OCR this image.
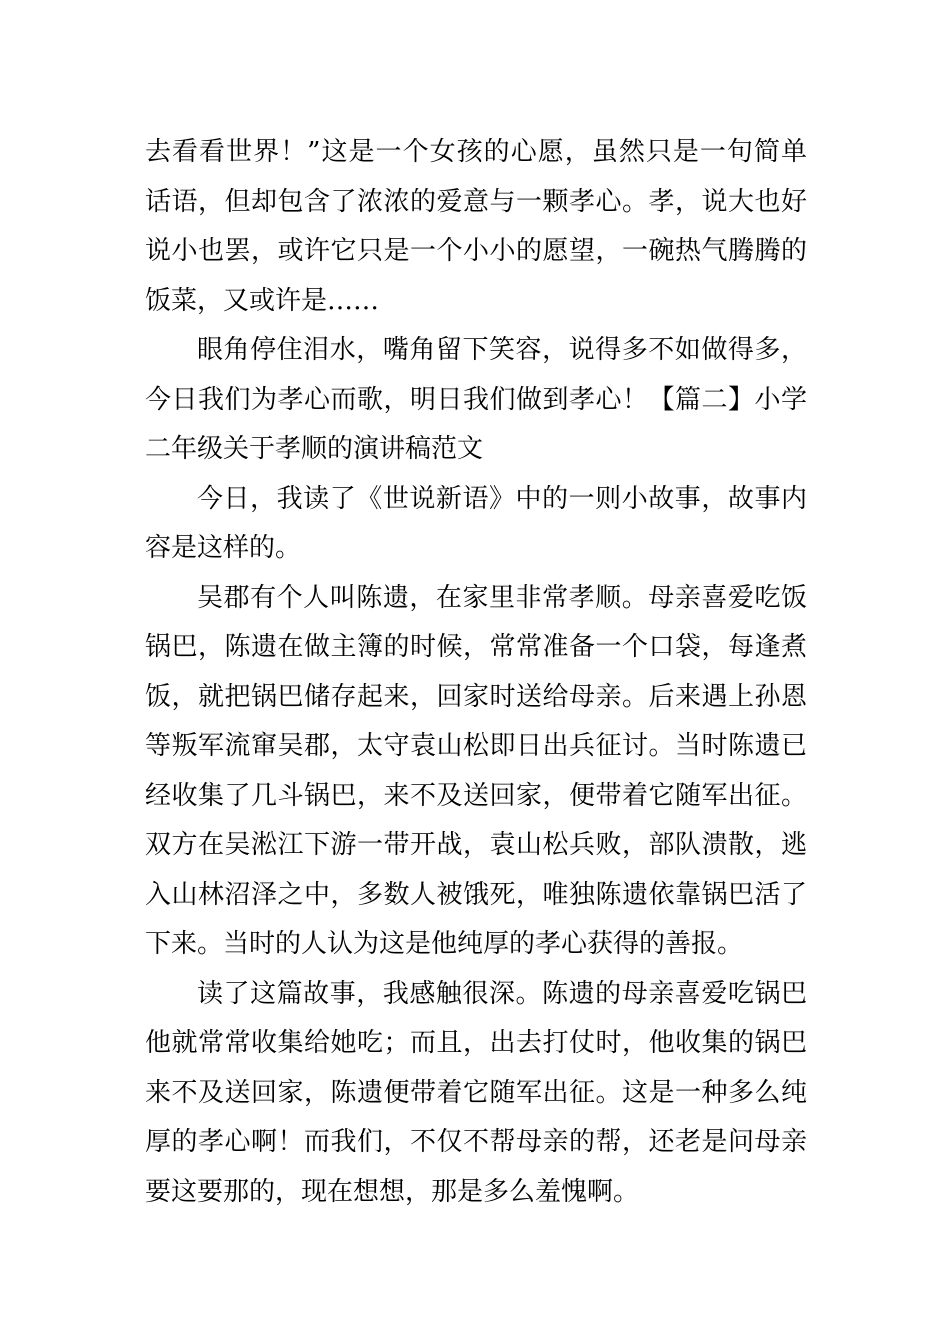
去看看世界！”这是一个女孩的心愿，虽然只是一句简单话语，但却包含了浓浓的爱意与一颗孝心。孝，说大也好说小也罢，或许它只是一个小小的愿望，一碗热气腾腾的饭菜，又或许是……

眼角停住泪水，嘴角留下笑容，说得多不如做得多，今日我们为孝心而歌，明日我们做到孝心！【篇二】小学二年级关于孝顺的演讲稿范文

今日，我读了《世说新语》中的一则小故事，故事内容是这样的。

吴郡有个人叫陈遗，在家里非常孝顺。母亲喜爱吃饭锅巴，陈遗在做主簿的时候，常常准备一个口袋，每逢煮饭，就把锅巴储存起来，回家时送给母亲。后来遇上孙恩等叛军流窜吴郡，太守袁山松即日出兵征讨。当时陈遗已经收集了几斗锅巴，来不及送回家，便带着它随军出征。双方在吴淞江下游一带开战，袁山松兵败，部队溃散，逃入山林沼泽之中，多数人被饿死，唯独陈遗依靠锅巴活了下来。当时的人认为这是他纯厚的孝心获得的善报。

读了这篇故事，我感触很深。陈遗的母亲喜爱吃锅巴他就常常收集给她吃；而且，出去打仗时，他收集的锅巴来不及送回家，陈遗便带着它随军出征。这是一种多么纯厚的孝心啊！而我们，不仅不帮母亲的帮，还老是问母亲要这要那的，现在想想，那是多么羞愧啊。
